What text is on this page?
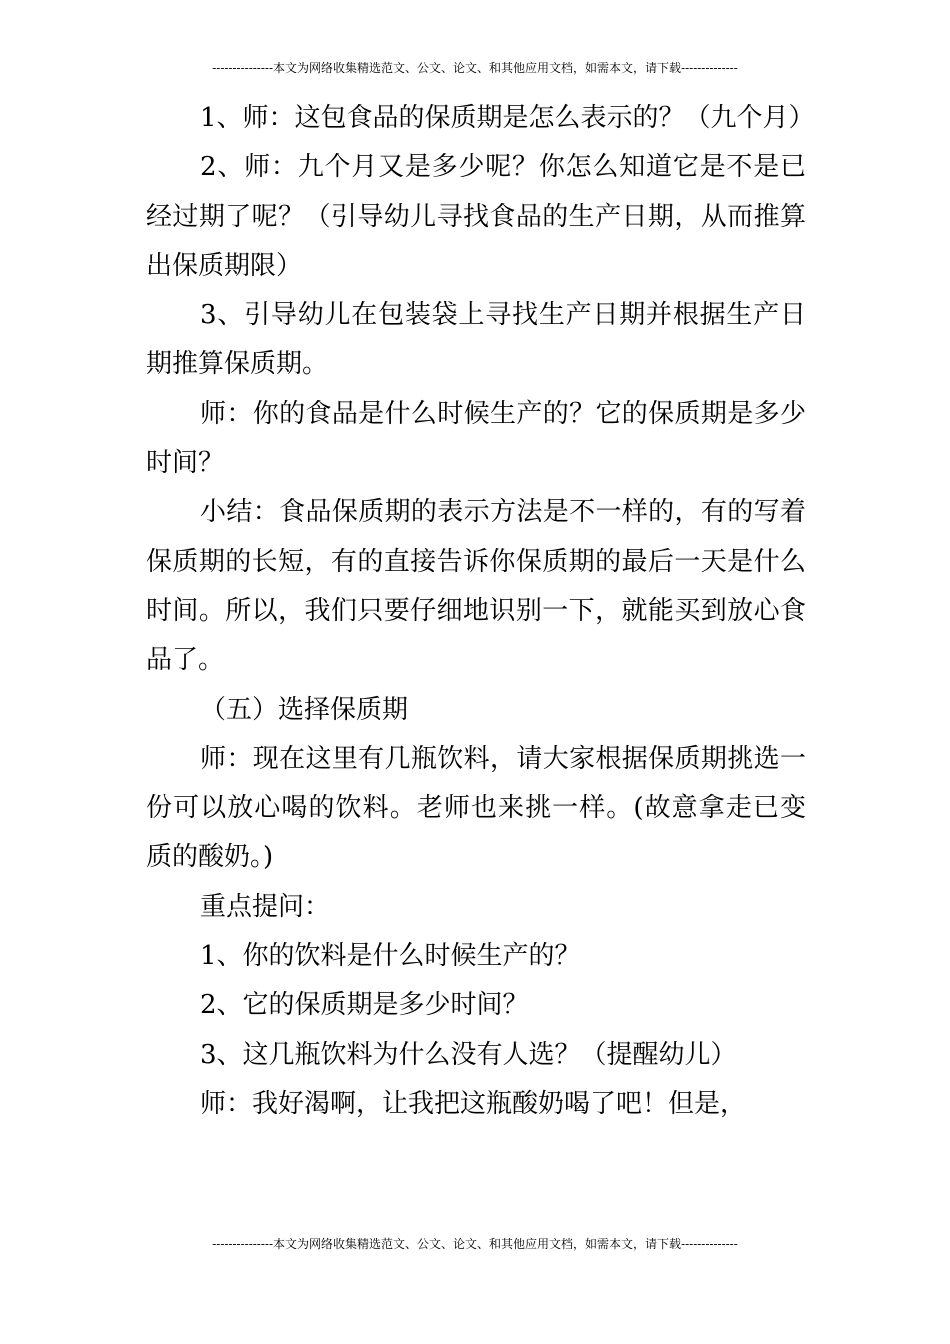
---------------本文为网络收集精选范文、公文、论文、和其他应用文档，如需本文，请下载--------------

1、师：这包食品的保质期是怎么表示的？（九个月）

2、师：九个月又是多少呢？你怎么知道它是不是已经过期了呢？（引导幼儿寻找食品的生产日期，从而推算出保质期限）

3、引导幼儿在包装袋上寻找生产日期并根据生产日期推算保质期。

师：你的食品是什么时候生产的？它的保质期是多少时间？

小结：食品保质期的表示方法是不一样的，有的写着保质期的长短，有的直接告诉你保质期的最后一天是什么时间。所以，我们只要仔细地识别一下，就能买到放心食品了。

（五）选择保质期

师：现在这里有几瓶饮料，请大家根据保质期挑选一份可以放心喝的饮料。老师也来挑一样。(故意拿走已变质的酸奶。)

重点提问：

1、你的饮料是什么时候生产的？

2、它的保质期是多少时间？

3、这几瓶饮料为什么没有人选？（提醒幼儿）

师：我好渴啊，让我把这瓶酸奶喝了吧！但是，

---------------本文为网络收集精选范文、公文、论文、和其他应用文档，如需本文，请下载--------------
